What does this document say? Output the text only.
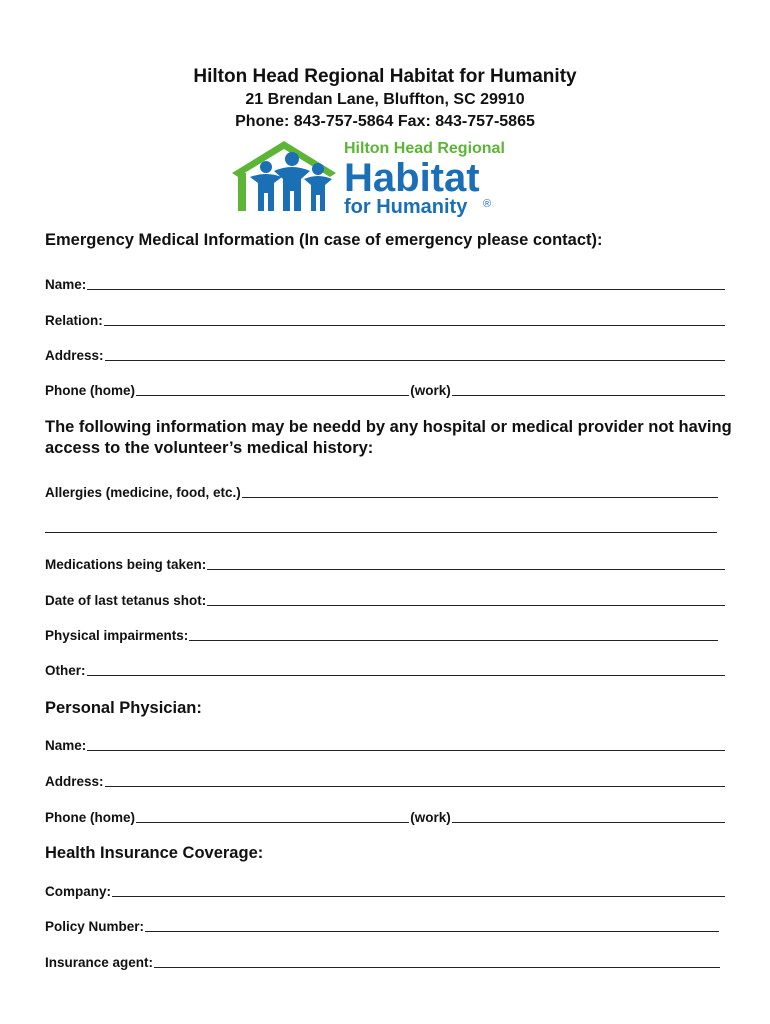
Hilton Head Regional Habitat for Humanity
21 Brendan Lane, Bluffton, SC 29910
Phone: 843-757-5864 Fax: 843-757-5865
Hilton Head Regional
Habitat
for Humanity ®
Emergency Medical Information (In case of emergency please contact):
Name:
Relation:
Address:
Phone (home)	(work)
The following information may be needd by any hospital or medical provider not having access to the volunteer’s medical history:
Allergies (medicine, food, etc.)
Medications being taken:
Date of last tetanus shot:
Physical impairments:
Other:
Personal Physician:
Name:
Address:
Phone (home)	(work)
Health Insurance Coverage:
Company:
Policy Number:
Insurance agent:
